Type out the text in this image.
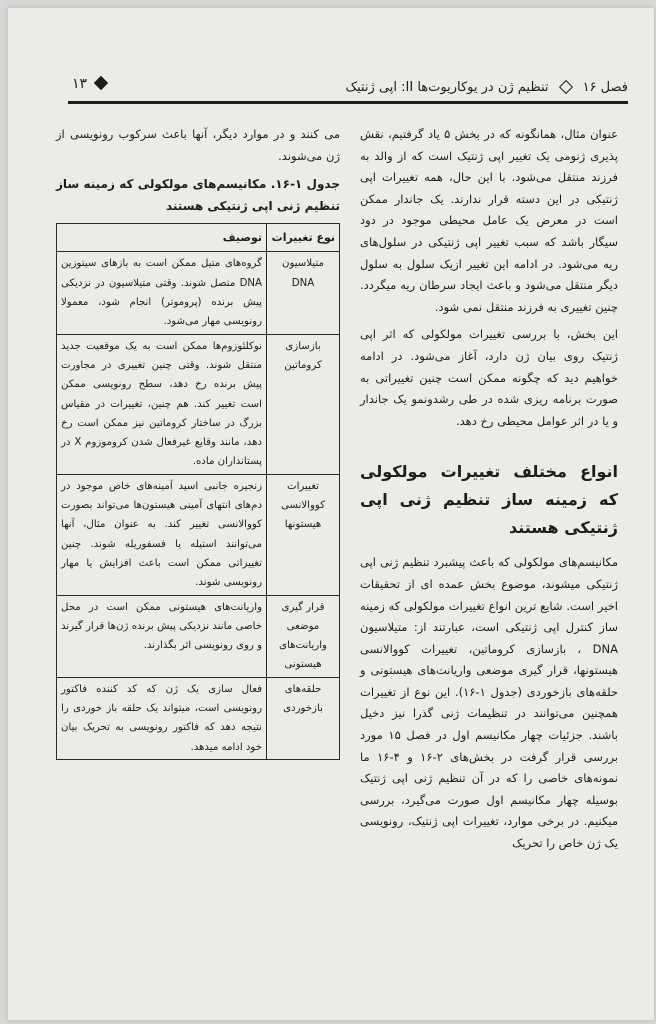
فصل ۱۶
تنظیم ژن در یوکاریوت‌ها II: اپی ژنتیک
۱۳

عنوان مثال، همانگونه که در بخش ۵ یاد گرفتیم، نقش پذیری ژنومی یک تغییر اپی ژنتیک است که از والد به فرزند منتقل می‌شود. با این حال، همه تغییرات اپی ژنتیکی در این دسته قرار ندارند. یک جاندار ممکن است در معرض یک عامل محیطی موجود در دود سیگار باشد که سبب تغییر اپی ژنتیکی در سلول‌های ریه می‌شود. در ادامه این تغییر ازیک سلول به سلول دیگر منتقل می‌شود و باعث ایجاد سرطان ریه میگردد. چنین تغییری به فرزند منتقل نمی شود.

این بخش، با بررسی تغییرات مولکولی که اثر اپی ژنتیک روی بیان ژن دارد، آغاز می‌شود. در ادامه خواهیم دید که چگونه ممکن است چنین تغییراتی به صورت برنامه ریزی شده در طی رشدونمو یک جاندار و یا در اثر عوامل محیطی رخ دهد.

انواع مختلف تغییرات مولکولی که زمینه ساز تنظیم ژنی اپی ژنتیکی هستند

مکانیسم‌های مولکولی که باعث پیشبرد تنظیم ژنی اپی ژنتیکی میشوند، موضوع بخش عمده ای از تحقیقات اخیر است. شایع ترین انواع تغییرات مولکولی که زمینه ساز کنترل اپی ژنتیکی است، عبارتند از: متیلاسیون DNA ، بازسازی کروماتین، تغییرات کووالانسی هیستونها، قرار گیری موضعی واریانت‌های هیستونی و حلقه‌های بازخوردی (جدول ۱-۱۶). این نوع از تغییرات همچنین می‌توانند در تنظیمات ژنی گذرا نیز دخیل باشند. جزئیات چهار مکانیسم اول در فصل ۱۵ مورد بررسی قرار گرفت در بخش‌های ۲-۱۶ و ۴-۱۶ ما نمونه‌های خاصی را که در آن تنظیم ژنی اپی ژنتیک بوسیله چهار مکانیسم اول صورت می‌گیرد، بررسی میکنیم. در برخی موارد، تغییرات اپی ژنتیک، رونویسی یک ژن خاص را تحریک

می کنند و در موارد دیگر، آنها باعث سرکوب رونویسی از ژن می‌شوند.

جدول ۱-۱۶. مکانیسم‌های مولکولی که زمینه ساز تنظیم ژنی اپی ژنتیکی هستند
نوع تغییرات	توصیف
متیلاسیون DNA	گروه‌های متیل ممکن است به بازهای سیتوزین DNA متصل شوند. وقتی متیلاسیون در نزدیکی پیش برنده (پروموتر) انجام شود، معمولا رونویسی مهار می‌شود.
بازسازی کروماتین	نوکلئوزوم‌ها ممکن است به یک موقعیت جدید منتقل شوند. وقتی چنین تغییری در مجاورت پیش برنده رخ دهد، سطح رونویسی ممکن است تغییر کند. هم چنین، تغییرات در مقیاس بزرگ در ساختار کروماتین نیز ممکن است رخ دهد، مانند وقایع غیرفعال شدن کروموزوم X در پستانداران ماده.
تغییرات کووالانسی هیستونها	زنجیره جانبی اسید آمینه‌های خاص موجود در دم‌های انتهای آمینی هیستون‌ها می‌تواند بصورت کووالانسی تغییر کند. به عنوان مثال، آنها می‌توانند استیله یا فسفوریله شوند. چنین تغییراتی ممکن است باعث افزایش یا مهار رونویسی شوند.
قرار گیری موضعی واریانت‌های هیستونی	واریانت‌های هیستونی ممکن است در محل خاصی مانند نزدیکی پیش برنده ژن‌ها قرار گیرند و روی رونویسی اثر بگذارند.
حلقه‌های بازخوردی	فعال سازی یک ژن که کد کننده فاکتور رونویسی است، میتواند یک حلقه باز خوردی را نتیجه دهد که فاکتور رونویسی به تحریک بیان خود ادامه میدهد.
